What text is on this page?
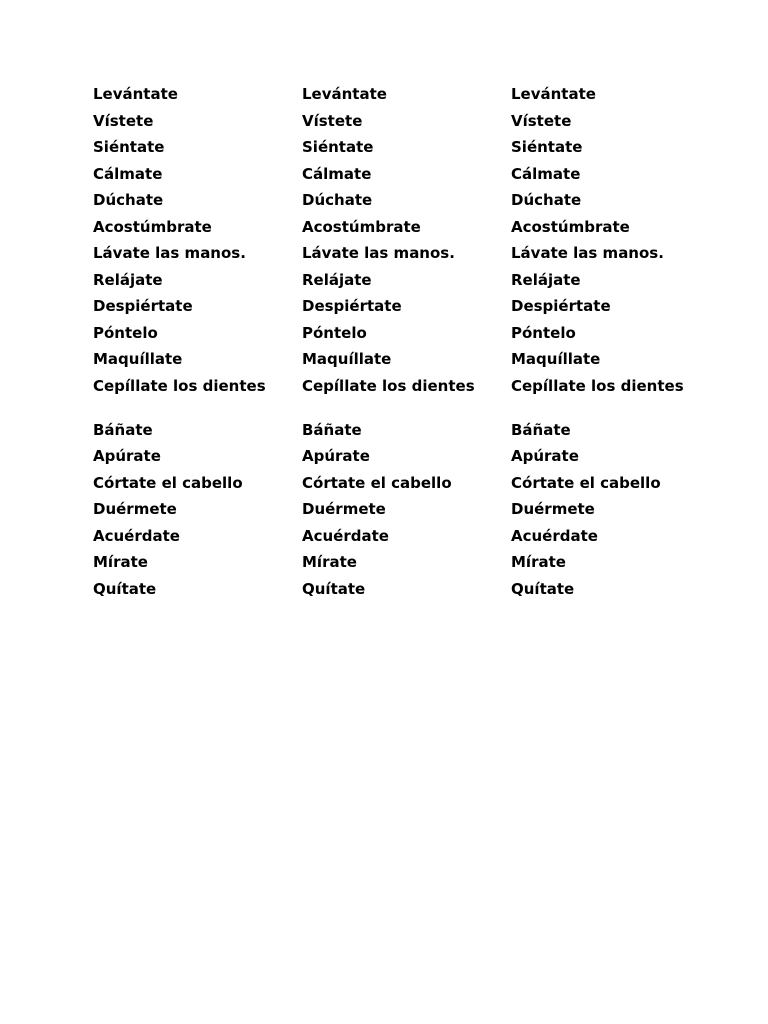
Levántate	Levántate	Levántate
Vístete	Vístete	Vístete
Siéntate	Siéntate	Siéntate
Cálmate	Cálmate	Cálmate
Dúchate	Dúchate	Dúchate
Acostúmbrate	Acostúmbrate	Acostúmbrate
Lávate las manos.	Lávate las manos.	Lávate las manos.
Relájate	Relájate	Relájate
Despiértate	Despiértate	Despiértate
Póntelo	Póntelo	Póntelo
Maquíllate	Maquíllate	Maquíllate
Cepíllate los dientes	Cepíllate los dientes	Cepíllate los dientes
Báñate	Báñate	Báñate
Apúrate	Apúrate	Apúrate
Córtate el cabello	Córtate el cabello	Córtate el cabello
Duérmete	Duérmete	Duérmete
Acuérdate	Acuérdate	Acuérdate
Mírate	Mírate	Mírate
Quítate	Quítate	Quítate
